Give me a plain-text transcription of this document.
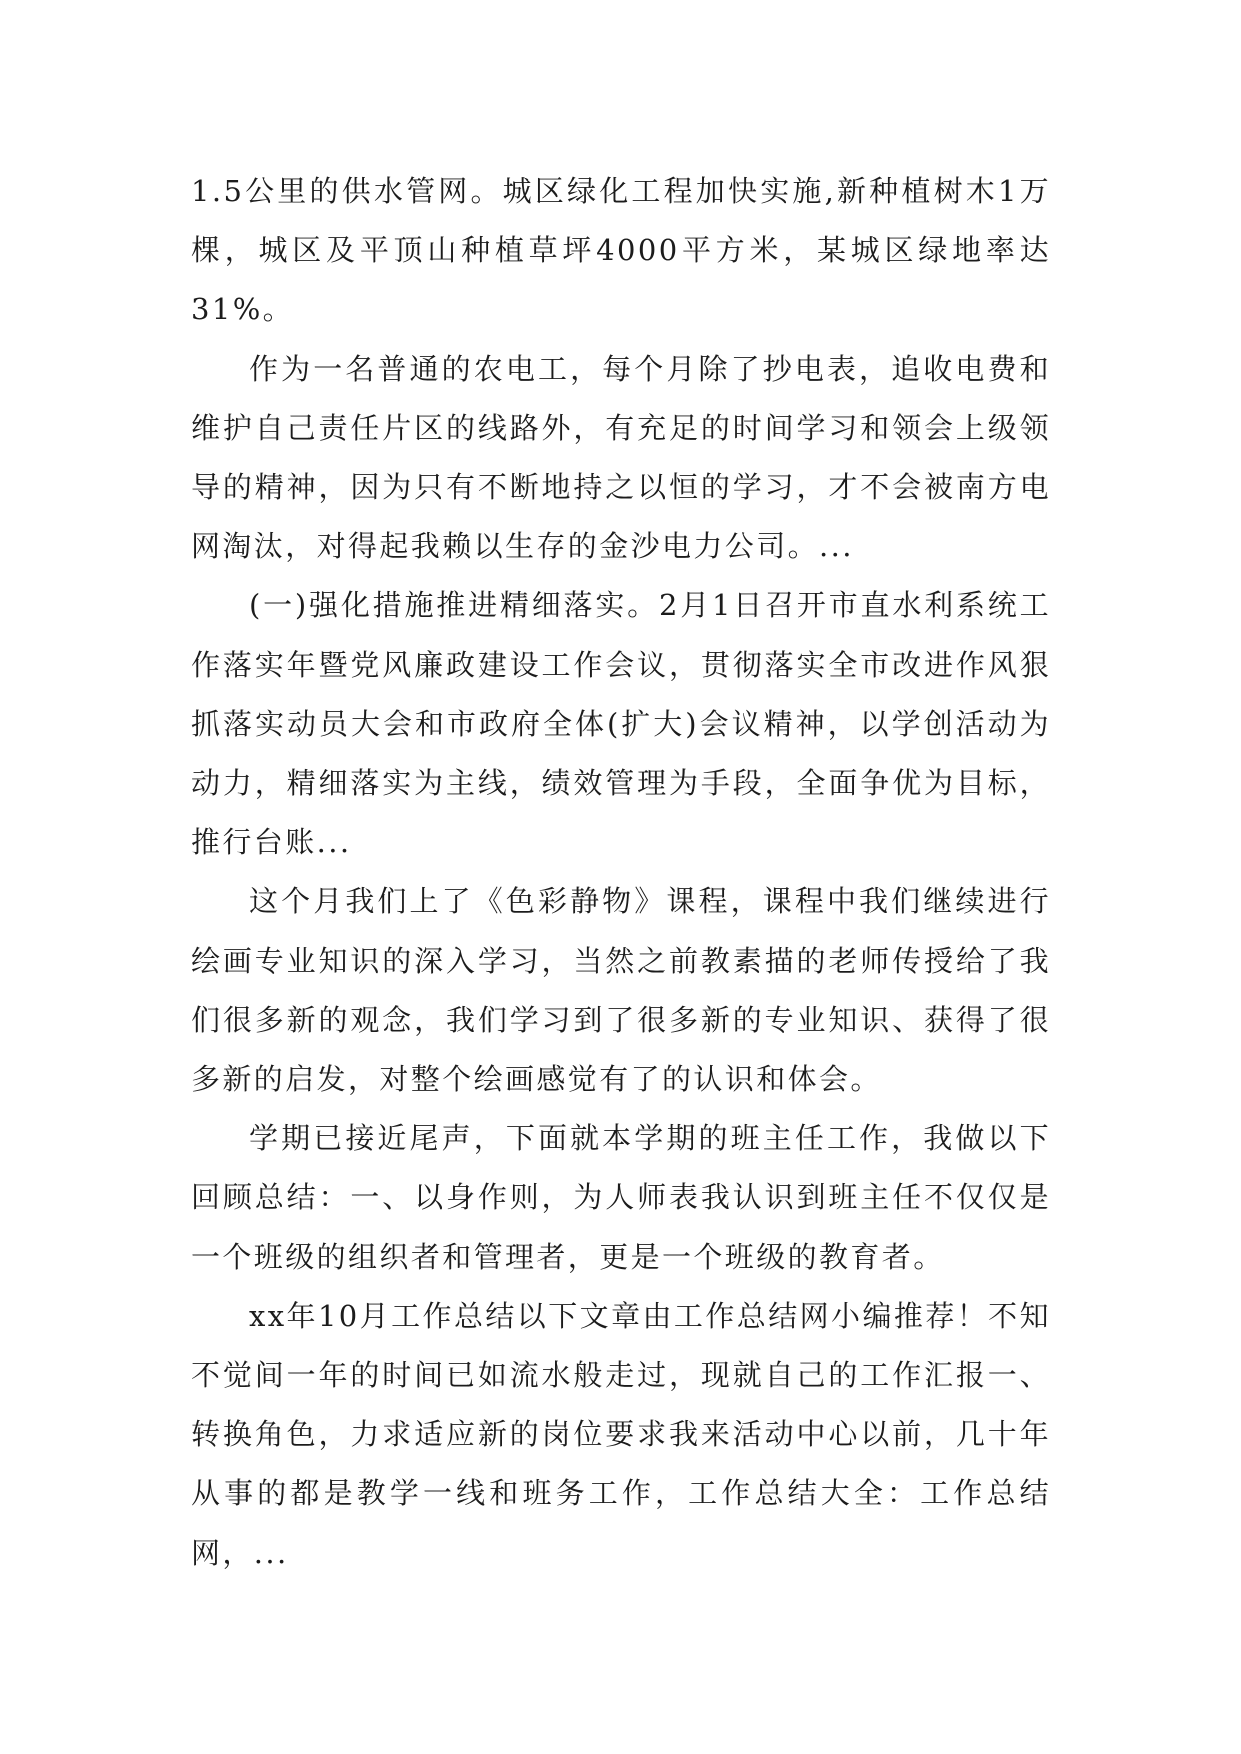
1.5公里的供水管网。城区绿化工程加快实施,新种植树木1万棵，城区及平顶山种植草坪4000平方米，某城区绿地率达31%。

作为一名普通的农电工，每个月除了抄电表，追收电费和维护自己责任片区的线路外，有充足的时间学习和领会上级领导的精神，因为只有不断地持之以恒的学习，才不会被南方电网淘汰，对得起我赖以生存的金沙电力公司。...

(一)强化措施推进精细落实。2月1日召开市直水利系统工作落实年暨党风廉政建设工作会议，贯彻落实全市改进作风狠抓落实动员大会和市政府全体(扩大)会议精神，以学创活动为动力，精细落实为主线，绩效管理为手段，全面争优为目标，推行台账...

这个月我们上了《色彩静物》课程，课程中我们继续进行绘画专业知识的深入学习，当然之前教素描的老师传授给了我们很多新的观念，我们学习到了很多新的专业知识、获得了很多新的启发，对整个绘画感觉有了的认识和体会。

学期已接近尾声，下面就本学期的班主任工作，我做以下回顾总结：一、以身作则，为人师表我认识到班主任不仅仅是一个班级的组织者和管理者，更是一个班级的教育者。

xx年10月工作总结以下文章由工作总结网小编推荐！不知不觉间一年的时间已如流水般走过，现就自己的工作汇报一、转换角色，力求适应新的岗位要求我来活动中心以前，几十年从事的都是教学一线和班务工作，工作总结大全：工作总结网，...
